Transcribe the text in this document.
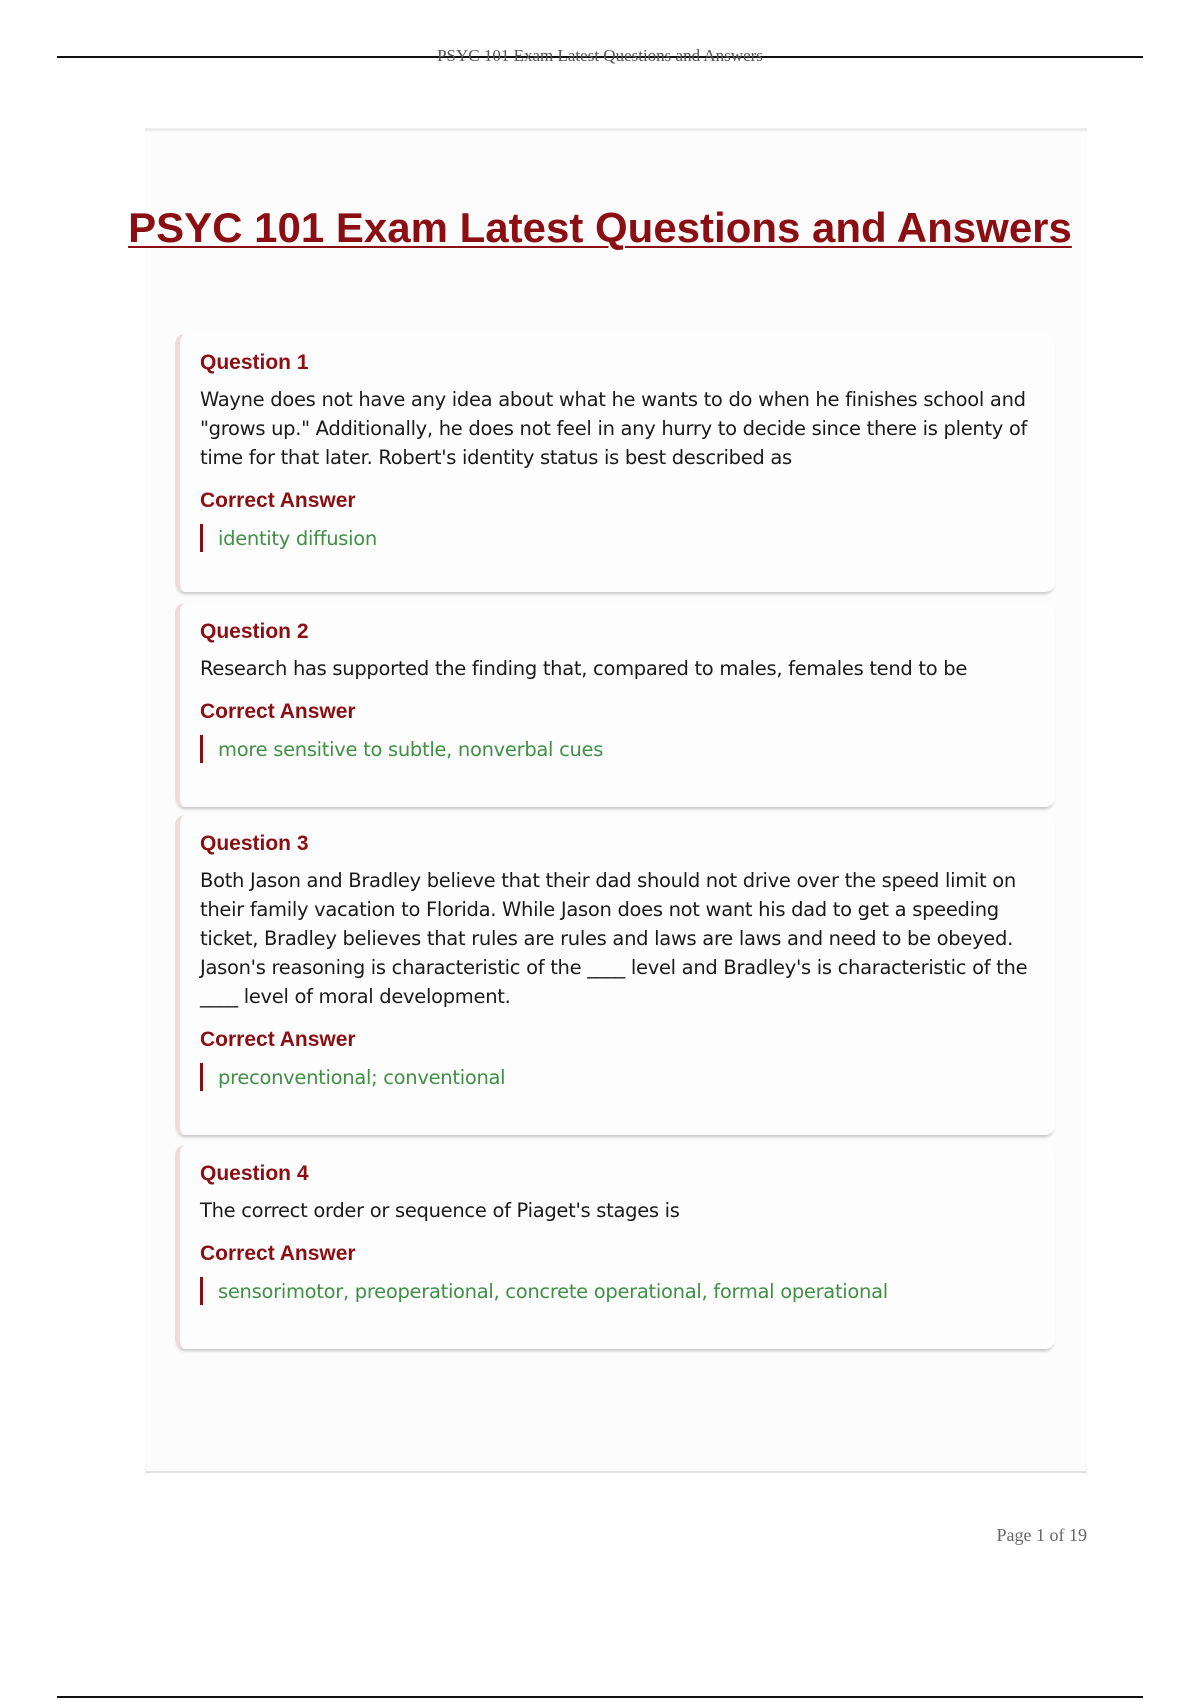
PSYC 101 Exam Latest Questions and Answers
PSYC 101 Exam Latest Questions and Answers
Question 1
Wayne does not have any idea about what he wants to do when he finishes school and "grows up." Additionally, he does not feel in any hurry to decide since there is plenty of time for that later. Robert's identity status is best described as
Correct Answer
identity diffusion
Question 2
Research has supported the finding that, compared to males, females tend to be
Correct Answer
more sensitive to subtle, nonverbal cues
Question 3
Both Jason and Bradley believe that their dad should not drive over the speed limit on their family vacation to Florida. While Jason does not want his dad to get a speeding ticket, Bradley believes that rules are rules and laws are laws and need to be obeyed. Jason's reasoning is characteristic of the ____ level and Bradley's is characteristic of the ____ level of moral development.
Correct Answer
preconventional; conventional
Question 4
The correct order or sequence of Piaget's stages is
Correct Answer
sensorimotor, preoperational, concrete operational, formal operational
Page 1 of 19
